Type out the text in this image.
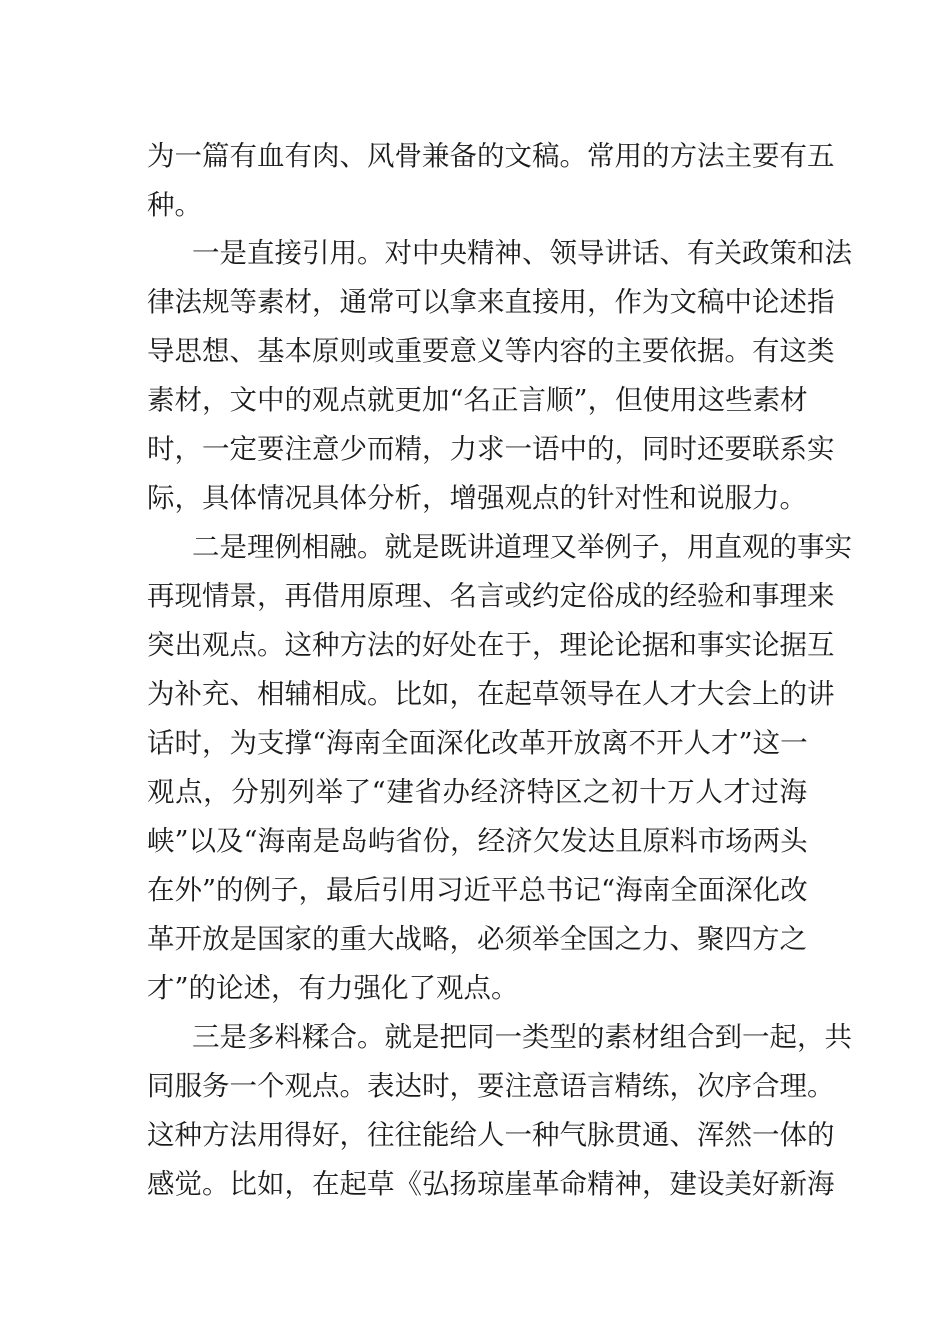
为一篇有血有肉、风骨兼备的文稿。常用的方法主要有五
种。
一是直接引用。对中央精神、领导讲话、有关政策和法
律法规等素材，通常可以拿来直接用，作为文稿中论述指
导思想、基本原则或重要意义等内容的主要依据。有这类
素材，文中的观点就更加“名正言顺”，但使用这些素材
时，一定要注意少而精，力求一语中的，同时还要联系实
际，具体情况具体分析，增强观点的针对性和说服力。
二是理例相融。就是既讲道理又举例子，用直观的事实
再现情景，再借用原理、名言或约定俗成的经验和事理来
突出观点。这种方法的好处在于，理论论据和事实论据互
为补充、相辅相成。比如，在起草领导在人才大会上的讲
话时，为支撑“海南全面深化改革开放离不开人才”这一
观点，分别列举了“建省办经济特区之初十万人才过海
峡”以及“海南是岛屿省份，经济欠发达且原料市场两头
在外”的例子，最后引用习近平总书记“海南全面深化改
革开放是国家的重大战略，必须举全国之力、聚四方之
才”的论述，有力强化了观点。
三是多料糅合。就是把同一类型的素材组合到一起，共
同服务一个观点。表达时，要注意语言精练，次序合理。
这种方法用得好，往往能给人一种气脉贯通、浑然一体的
感觉。比如，在起草《弘扬琼崖革命精神，建设美好新海
